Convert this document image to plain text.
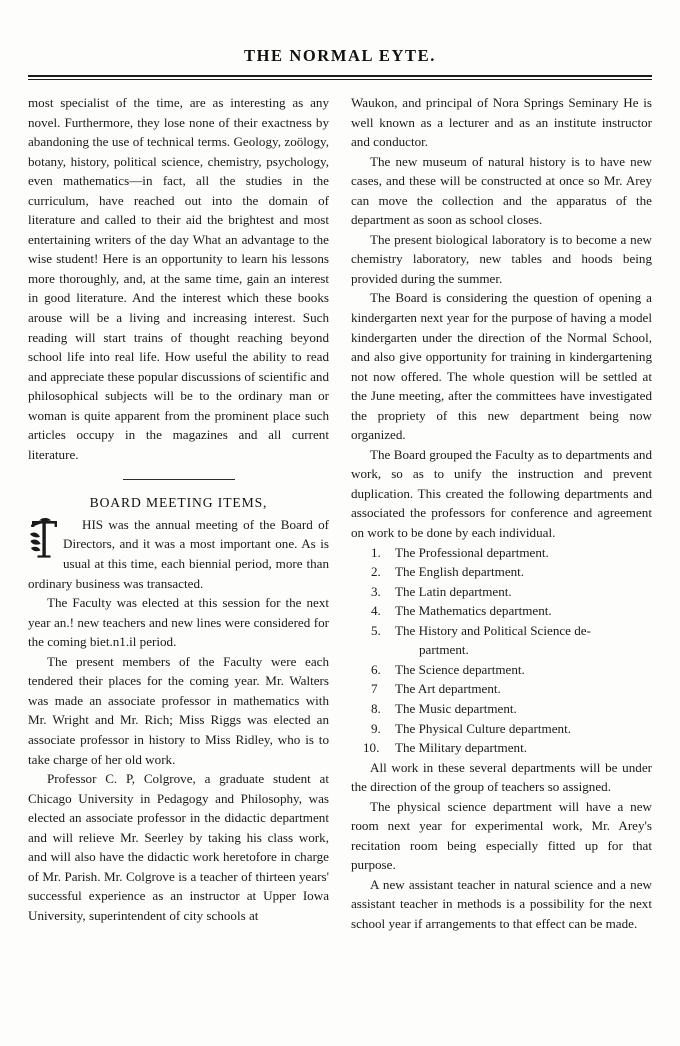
THE NORMAL EYTE.

most specialist of the time, are as interesting as any novel. Furthermore, they lose none of their exactness by abandoning the use of technical terms. Geology, zoölogy, botany, history, political science, chemistry, psychology, even mathematics—in fact, all the studies in the curriculum, have reached out into the domain of literature and called to their aid the brightest and most entertaining writers of the day What an advantage to the wise student! Here is an opportunity to learn his lessons more thoroughly, and, at the same time, gain an interest in good literature. And the interest which these books arouse will be a living and increasing interest. Such reading will start trains of thought reaching beyond school life into real life. How useful the ability to read and appreciate these popular discussions of scientific and philosophical subjects will be to the ordinary man or woman is quite apparent from the prominent place such articles occupy in the magazines and all current literature.

BOARD MEETING ITEMS,

HIS was the annual meeting of the Board of Directors, and it was a most important one. As is usual at this time, each biennial period, more than ordinary business was transacted.

The Faculty was elected at this session for the next year an.! new teachers and new lines were considered for the coming biet.n1.il period.

The present members of the Faculty were each tendered their places for the coming year. Mr. Walters was made an associate professor in mathematics with Mr. Wright and Mr. Rich; Miss Riggs was elected an associate professor in history to Miss Ridley, who is to take charge of her old work.

Professor C. P, Colgrove, a graduate student at Chicago University in Pedagogy and Philosophy, was elected an associate professor in the didactic department and will relieve Mr. Seerley by taking his class work, and will also have the didactic work heretofore in charge of Mr. Parish. Mr. Colgrove is a teacher of thirteen years' successful experience as an instructor at Upper Iowa University, superintendent of city schools at

Waukon, and principal of Nora Springs Seminary He is well known as a lecturer and as an institute instructor and conductor.

The new museum of natural history is to have new cases, and these will be constructed at once so Mr. Arey can move the collection and the apparatus of the department as soon as school closes.

The present biological laboratory is to become a new chemistry laboratory, new tables and hoods being provided during the summer.

The Board is considering the question of opening a kindergarten next year for the purpose of having a model kindergarten under the direction of the Normal School, and also give opportunity for training in kindergartening not now offered. The whole question will be settled at the June meeting, after the committees have investigated the propriety of this new department being now organized.

The Board grouped the Faculty as to departments and work, so as to unify the instruction and prevent duplication. This created the following departments and associated the professors for conference and agreement on work to be done by each individual.

1.	The Professional department.
2.	The English department.
3.	The Latin department.
4.	The Mathematics department.
5.	The History and Political Science de-
partment.
6.	The Science department.
7	The Art department.
8.	The Music department.
9.	The Physical Culture department.
10.	The Military department.

All work in these several departments will be under the direction of the group of teachers so assigned.

The physical science department will have a new room next year for experimental work, Mr. Arey's recitation room being especially fitted up for that purpose.

A new assistant teacher in natural science and a new assistant teacher in methods is a possibility for the next school year if arrangements to that effect can be made.
